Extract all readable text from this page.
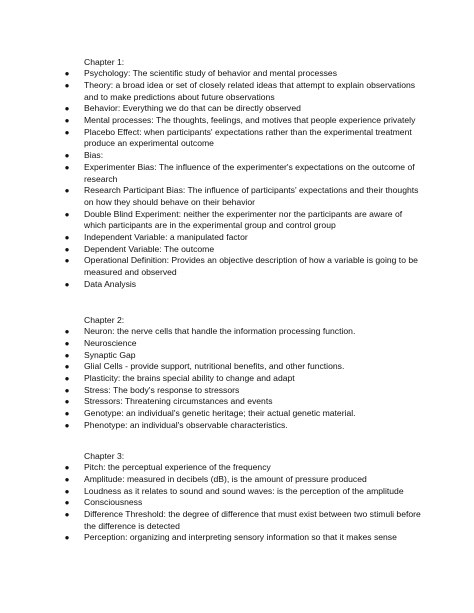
Chapter 1:

● Psychology: The scientific study of behavior and mental processes
● Theory: a broad idea or set of closely related ideas that attempt to explain observations and to make predictions about future observations
● Behavior: Everything we do that can be directly observed
● Mental processes: The thoughts, feelings, and motives that people experience privately
● Placebo Effect: when participants' expectations rather than the experimental treatment produce an experimental outcome
● Bias:
● Experimenter Bias: The influence of the experimenter's expectations on the outcome of research
● Research Participant Bias: The influence of participants' expectations and their thoughts on how they should behave on their behavior
● Double Blind Experiment: neither the experimenter nor the participants are aware of which participants are in the experimental group and control group
● Independent Variable: a manipulated factor
● Dependent Variable: The outcome
● Operational Definition: Provides an objective description of how a variable is going to be measured and observed
● Data Analysis

Chapter 2:

● Neuron: the nerve cells that handle the information processing function.
● Neuroscience
● Synaptic Gap
● Glial Cells - provide support, nutritional benefits, and other functions.
● Plasticity: the brains special ability to change and adapt
● Stress: The body's response to stressors
● Stressors: Threatening circumstances and events
● Genotype: an individual's genetic heritage; their actual genetic material.
● Phenotype: an individual's observable characteristics.

Chapter 3:

● Pitch: the perceptual experience of the frequency
● Amplitude: measured in decibels (dB), is the amount of pressure produced
● Loudness as it relates to sound and sound waves: is the perception of the amplitude
● Consciousness
● Difference Threshold: the degree of difference that must exist between two stimuli before the difference is detected
● Perception: organizing and interpreting sensory information so that it makes sense
